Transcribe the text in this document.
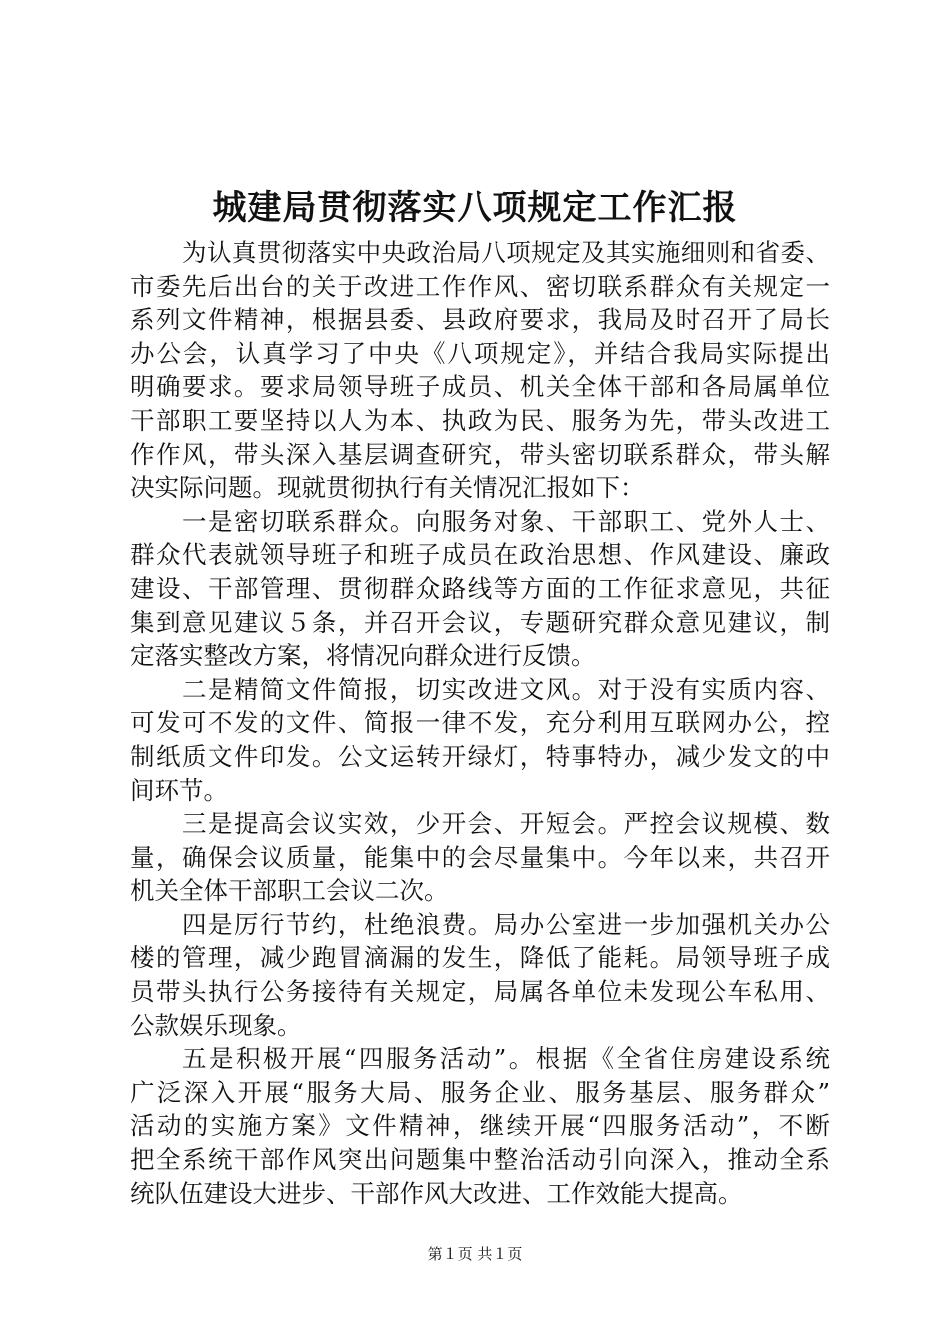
城建局贯彻落实八项规定工作汇报
为认真贯彻落实中央政治局八项规定及其实施细则和省委、
市委先后出台的关于改进工作作风、密切联系群众有关规定一
系列文件精神，根据县委、县政府要求，我局及时召开了局长
办公会，认真学习了中央《八项规定》，并结合我局实际提出
明确要求。要求局领导班子成员、机关全体干部和各局属单位
干部职工要坚持以人为本、执政为民、服务为先，带头改进工
作作风，带头深入基层调查研究，带头密切联系群众，带头解
决实际问题。现就贯彻执行有关情况汇报如下：
一是密切联系群众。向服务对象、干部职工、党外人士、
群众代表就领导班子和班子成员在政治思想、作风建设、廉政
建设、干部管理、贯彻群众路线等方面的工作征求意见，共征
集到意见建议５条，并召开会议，专题研究群众意见建议，制
定落实整改方案，将情况向群众进行反馈。
二是精简文件简报，切实改进文风。对于没有实质内容、
可发可不发的文件、简报一律不发，充分利用互联网办公，控
制纸质文件印发。公文运转开绿灯，特事特办，减少发文的中
间环节。
三是提高会议实效，少开会、开短会。严控会议规模、数
量，确保会议质量，能集中的会尽量集中。今年以来，共召开
机关全体干部职工会议二次。
四是厉行节约，杜绝浪费。局办公室进一步加强机关办公
楼的管理，减少跑冒滴漏的发生，降低了能耗。局领导班子成
员带头执行公务接待有关规定，局属各单位未发现公车私用、
公款娱乐现象。
五是积极开展“四服务活动”。根据《全省住房建设系统
广泛深入开展“服务大局、服务企业、服务基层、服务群众”
活动的实施方案》文件精神，继续开展“四服务活动”，不断
把全系统干部作风突出问题集中整治活动引向深入，推动全系
统队伍建设大进步、干部作风大改进、工作效能大提高。
第１页 共１页
